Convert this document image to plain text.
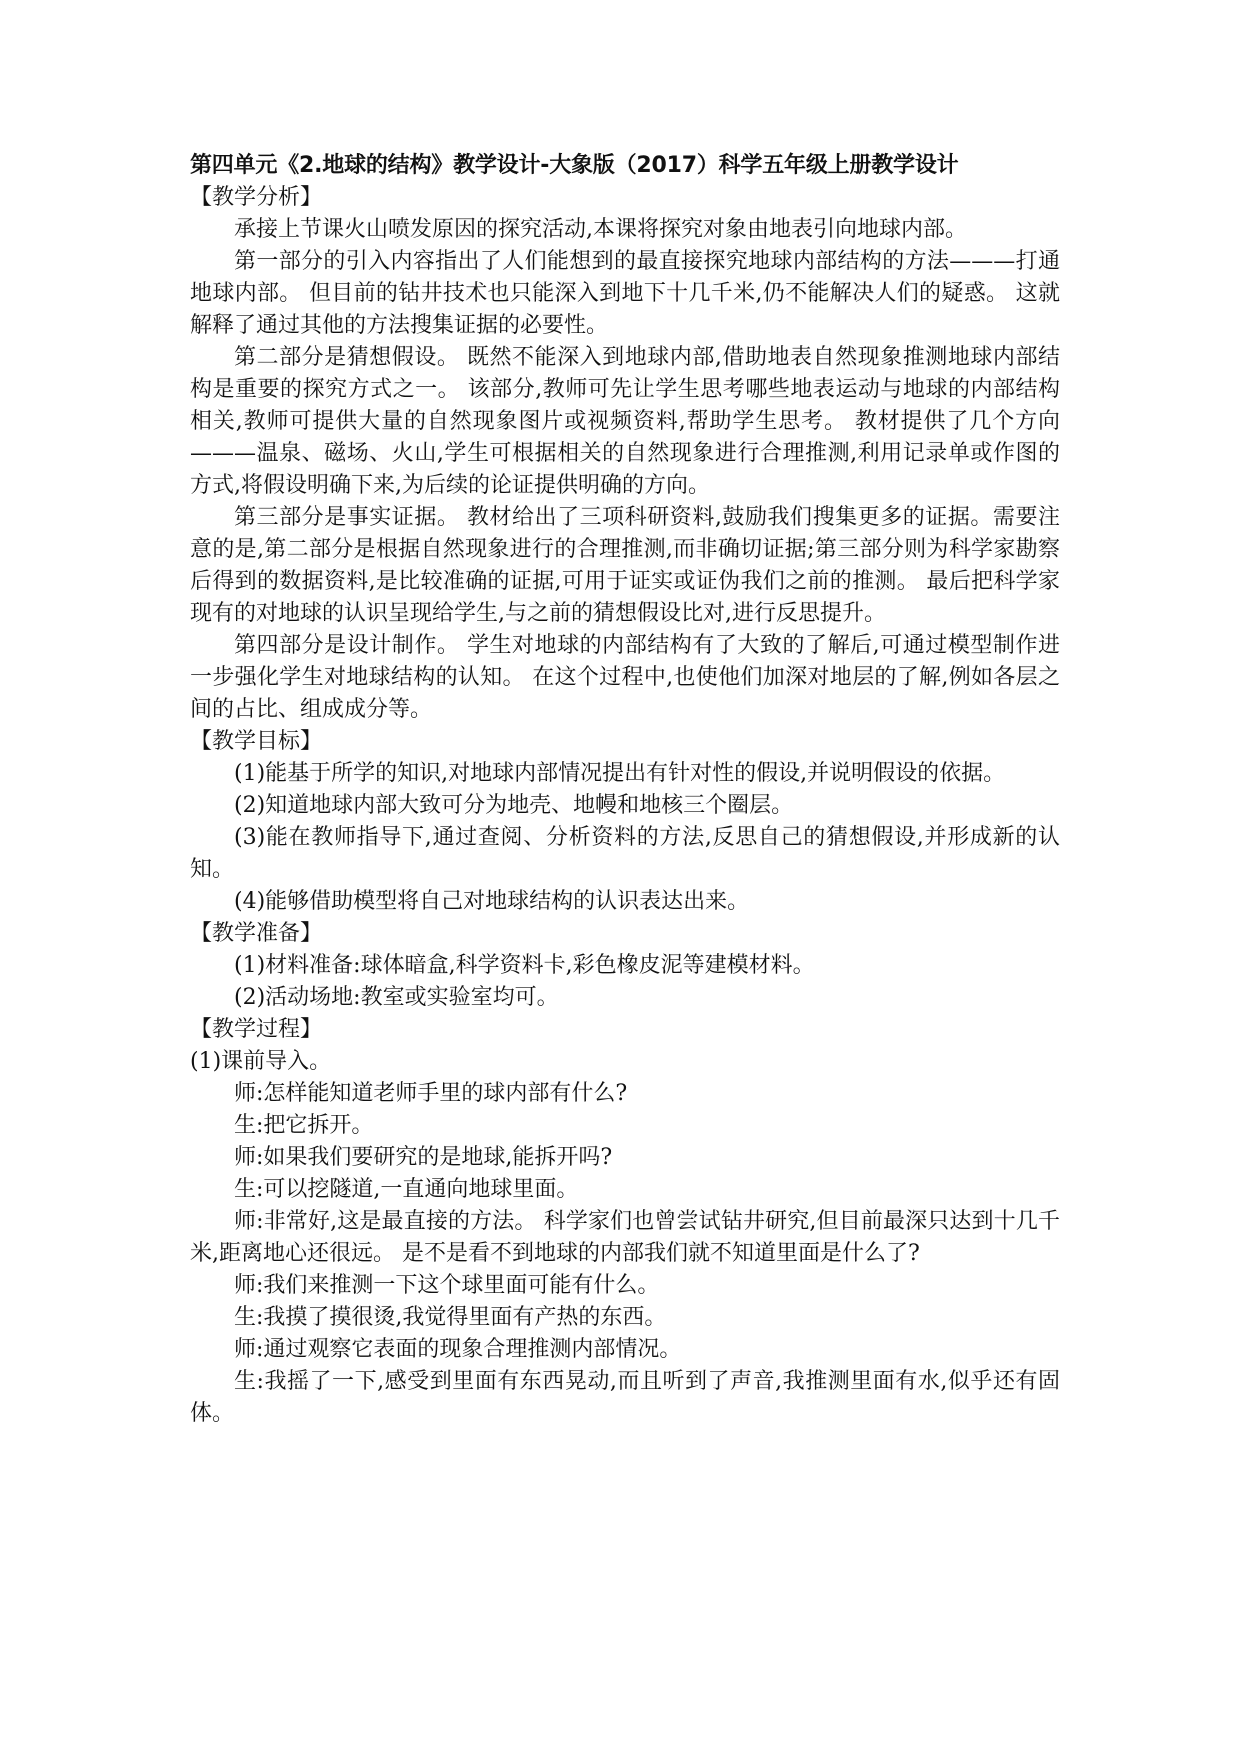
第四单元《2.地球的结构》教学设计-大象版（2017）科学五年级上册教学设计
【教学分析】

承接上节课火山喷发原因的探究活动,本课将探究对象由地表引向地球内部。

第一部分的引入内容指出了人们能想到的最直接探究地球内部结构的方法———打通地球内部。 但目前的钻井技术也只能深入到地下十几千米,仍不能解决人们的疑惑。 这就解释了通过其他的方法搜集证据的必要性。

第二部分是猜想假设。 既然不能深入到地球内部,借助地表自然现象推测地球内部结构是重要的探究方式之一。 该部分,教师可先让学生思考哪些地表运动与地球的内部结构相关,教师可提供大量的自然现象图片或视频资料,帮助学生思考。 教材提供了几个方向———温泉、磁场、火山,学生可根据相关的自然现象进行合理推测,利用记录单或作图的方式,将假设明确下来,为后续的论证提供明确的方向。

第三部分是事实证据。 教材给出了三项科研资料,鼓励我们搜集更多的证据。需要注意的是,第二部分是根据自然现象进行的合理推测,而非确切证据;第三部分则为科学家勘察后得到的数据资料,是比较准确的证据,可用于证实或证伪我们之前的推测。 最后把科学家现有的对地球的认识呈现给学生,与之前的猜想假设比对,进行反思提升。

第四部分是设计制作。 学生对地球的内部结构有了大致的了解后,可通过模型制作进一步强化学生对地球结构的认知。 在这个过程中,也使他们加深对地层的了解,例如各层之间的占比、组成成分等。

【教学目标】

(1)能基于所学的知识,对地球内部情况提出有针对性的假设,并说明假设的依据。

(2)知道地球内部大致可分为地壳、地幔和地核三个圈层。

(3)能在教师指导下,通过查阅、分析资料的方法,反思自己的猜想假设,并形成新的认知。

(4)能够借助模型将自己对地球结构的认识表达出来。

【教学准备】

(1)材料准备:球体暗盒,科学资料卡,彩色橡皮泥等建模材料。

(2)活动场地:教室或实验室均可。

【教学过程】

(1)课前导入。

师:怎样能知道老师手里的球内部有什么?

生:把它拆开。

师:如果我们要研究的是地球,能拆开吗?

生:可以挖隧道,一直通向地球里面。

师:非常好,这是最直接的方法。 科学家们也曾尝试钻井研究,但目前最深只达到十几千米,距离地心还很远。 是不是看不到地球的内部我们就不知道里面是什么了?

师:我们来推测一下这个球里面可能有什么。

生:我摸了摸很烫,我觉得里面有产热的东西。

师:通过观察它表面的现象合理推测内部情况。

生:我摇了一下,感受到里面有东西晃动,而且听到了声音,我推测里面有水,似乎还有固体。
